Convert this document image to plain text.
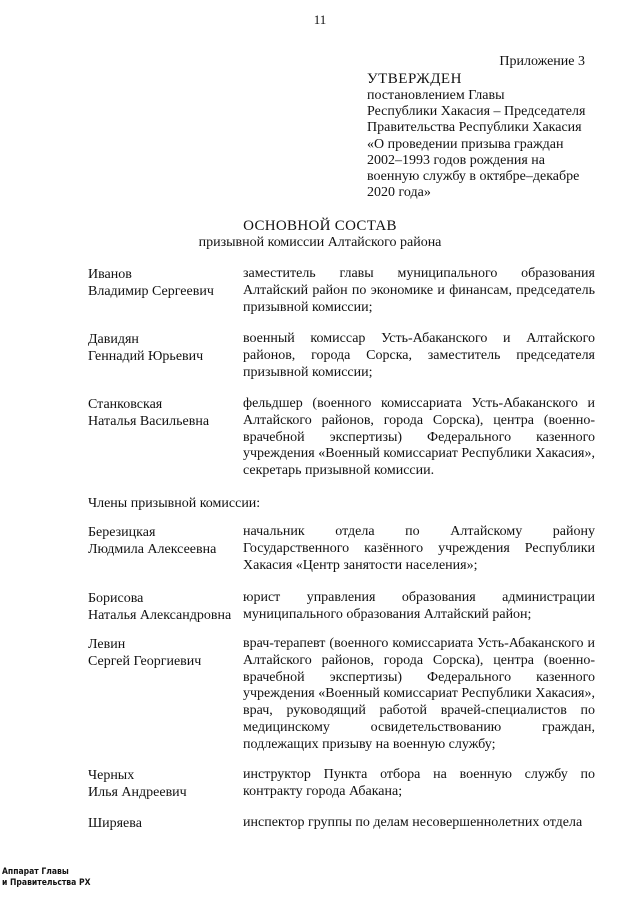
11
Приложение 3
УТВЕРЖДЕН
постановлением Главы
Республики Хакасия – Председателя
Правительства Республики Хакасия
«О проведении призыва граждан
2002–1993 годов рождения на
военную службу в октябре–декабре
2020 года»
ОСНОВНОЙ СОСТАВ
призывной комиссии Алтайского района
Иванов
Владимир Сергеевич
заместитель главы муниципального образования Алтайский район по экономике и финансам, председатель призывной комиссии;
Давидян
Геннадий Юрьевич
военный комиссар Усть-Абаканского и Алтайского районов, города Сорска, заместитель председателя призывной комиссии;
Станковская
Наталья Васильевна
фельдшер (военного комиссариата Усть-Абаканского и Алтайского районов, города Сорска), центра (военно-врачебной экспертизы) Федерального казенного учреждения «Военный комиссариат Республики Хакасия», секретарь призывной комиссии.
Члены призывной комиссии:
Березицкая
Людмила Алексеевна
начальник отдела по Алтайскому району Государственного казённого учреждения Республики Хакасия «Центр занятости населения»;
Борисова
Наталья Александровна
юрист управления образования администрации муниципального образования Алтайский район;
Левин
Сергей Георгиевич
врач-терапевт (военного комиссариата Усть-Абаканского и Алтайского районов, города Сорска), центра (военно-врачебной экспертизы) Федерального казенного учреждения «Военный комиссариат Республики Хакасия», врач, руководящий работой врачей-специалистов по медицинскому освидетельствованию граждан, подлежащих призыву на военную службу;
Черных
Илья Андреевич
инструктор Пункта отбора на военную службу по контракту города Абакана;
Ширяева	инспектор группы по делам несовершеннолетних отдела
Аппарат Главы
и Правительства РХ
